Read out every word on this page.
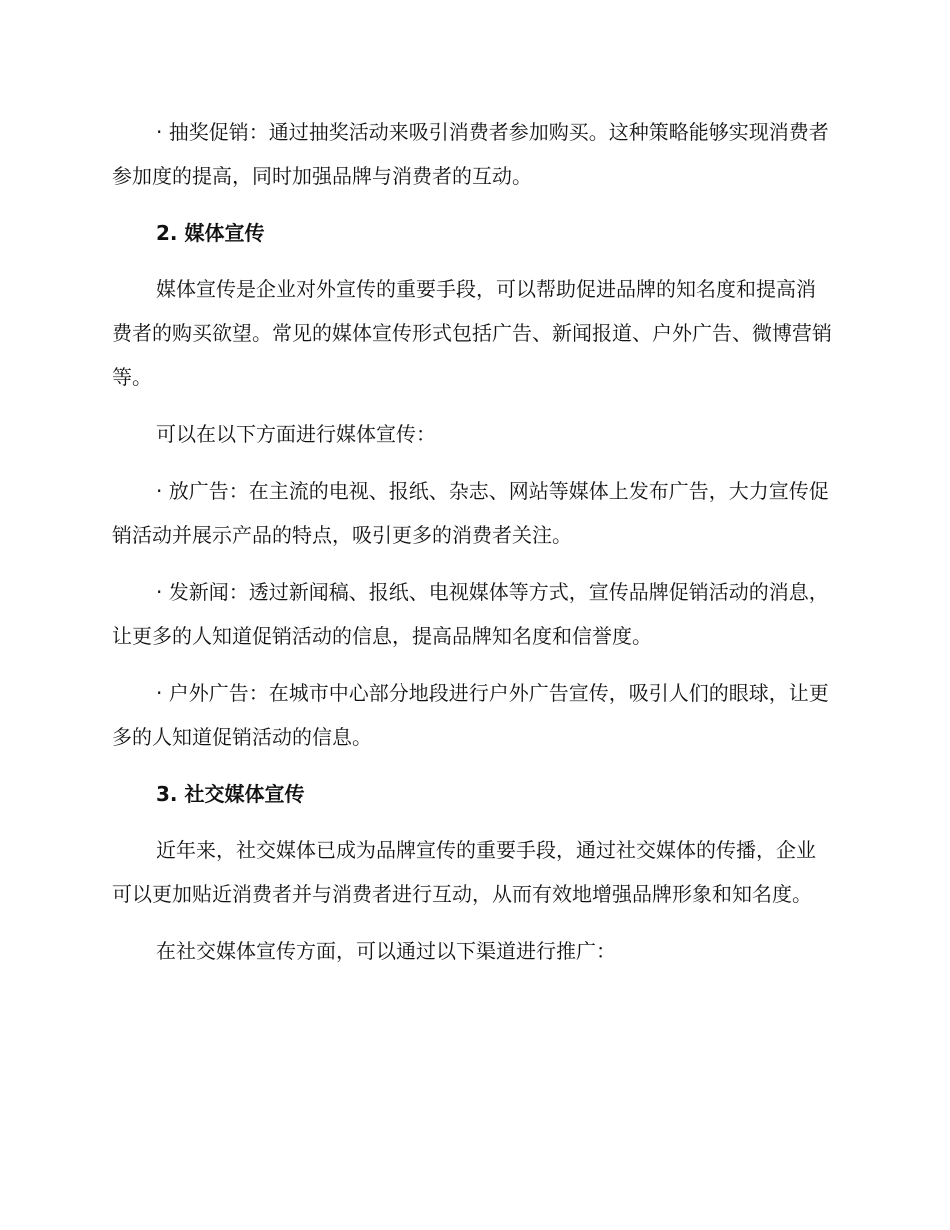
· 抽奖促销：通过抽奖活动来吸引消费者参加购买。这种策略能够实现消费者参加度的提高，同时加强品牌与消费者的互动。

2. 媒体宣传

媒体宣传是企业对外宣传的重要手段，可以帮助促进品牌的知名度和提高消费者的购买欲望。常见的媒体宣传形式包括广告、新闻报道、户外广告、微博营销等。

可以在以下方面进行媒体宣传：

· 放广告：在主流的电视、报纸、杂志、网站等媒体上发布广告，大力宣传促销活动并展示产品的特点，吸引更多的消费者关注。

· 发新闻：透过新闻稿、报纸、电视媒体等方式，宣传品牌促销活动的消息，让更多的人知道促销活动的信息，提高品牌知名度和信誉度。

· 户外广告：在城市中心部分地段进行户外广告宣传，吸引人们的眼球，让更多的人知道促销活动的信息。

3. 社交媒体宣传

近年来，社交媒体已成为品牌宣传的重要手段，通过社交媒体的传播，企业可以更加贴近消费者并与消费者进行互动，从而有效地增强品牌形象和知名度。

在社交媒体宣传方面，可以通过以下渠道进行推广：
